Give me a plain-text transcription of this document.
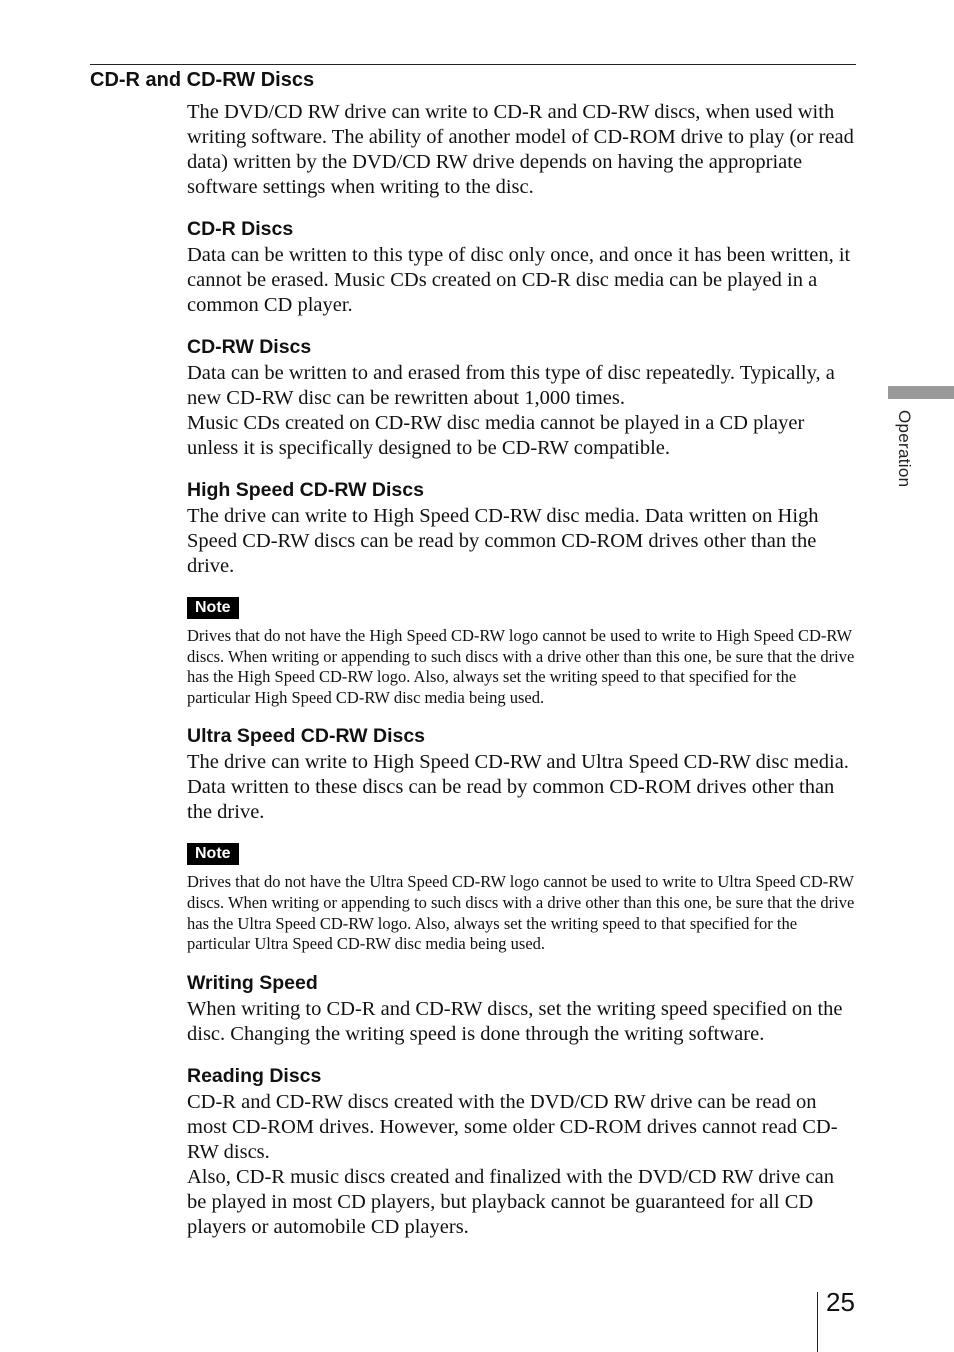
CD-R and CD-RW Discs

The DVD/CD RW drive can write to CD-R and CD-RW discs, when used with writing software. The ability of another model of CD-ROM drive to play (or read data) written by the DVD/CD RW drive depends on having the appropriate software settings when writing to the disc.

CD-R Discs

Data can be written to this type of disc only once, and once it has been written, it cannot be erased. Music CDs created on CD-R disc media can be played in a common CD player.

CD-RW Discs

Data can be written to and erased from this type of disc repeatedly. Typically, a new CD-RW disc can be rewritten about 1,000 times.

Music CDs created on CD-RW disc media cannot be played in a CD player unless it is specifically designed to be CD-RW compatible.

High Speed CD-RW Discs

The drive can write to High Speed CD-RW disc media. Data written on High Speed CD-RW discs can be read by common CD-ROM drives other than the drive.

Note

Drives that do not have the High Speed CD-RW logo cannot be used to write to High Speed CD-RW discs. When writing or appending to such discs with a drive other than this one, be sure that the drive has the High Speed CD-RW logo. Also, always set the writing speed to that specified for the particular High Speed CD-RW disc media being used.

Ultra Speed CD-RW Discs

The drive can write to High Speed CD-RW and Ultra Speed CD-RW disc media. Data written to these discs can be read by common CD-ROM drives other than the drive.

Note

Drives that do not have the Ultra Speed CD-RW logo cannot be used to write to Ultra Speed CD-RW discs. When writing or appending to such discs with a drive other than this one, be sure that the drive has the Ultra Speed CD-RW logo. Also, always set the writing speed to that specified for the particular Ultra Speed CD-RW disc media being used.

Writing Speed

When writing to CD-R and CD-RW discs, set the writing speed specified on the disc. Changing the writing speed is done through the writing software.

Reading Discs

CD-R and CD-RW discs created with the DVD/CD RW drive can be read on most CD-ROM drives. However, some older CD-ROM drives cannot read CD-RW discs.

Also, CD-R music discs created and finalized with the DVD/CD RW drive can be played in most CD players, but playback cannot be guaranteed for all CD players or automobile CD players.

Operation
25
